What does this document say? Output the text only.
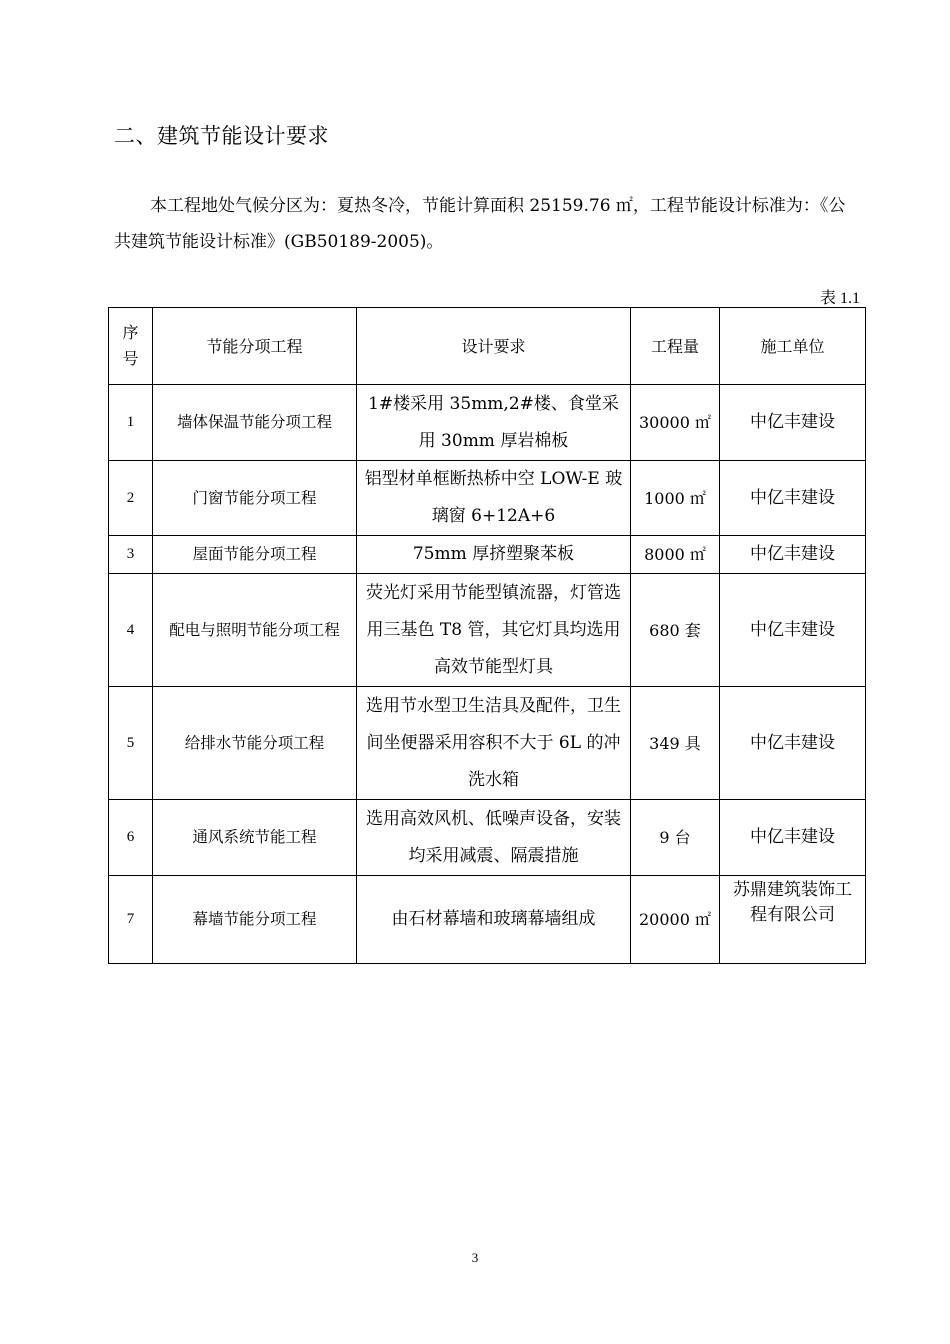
二、建筑节能设计要求
本工程地处气候分区为：夏热冬冷，节能计算面积 25159.76 ㎡，工程节能设计标准为：《公共建筑节能设计标准》(GB50189-2005)。
表 1.1
序号	节能分项工程	设计要求	工程量	施工单位
1	墙体保温节能分项工程	1#楼采用 35mm,2#楼、食堂采用 30mm 厚岩棉板	30000 ㎡	中亿丰建设
2	门窗节能分项工程	铝型材单框断热桥中空 LOW-E 玻璃窗 6+12A+6	1000 ㎡	中亿丰建设
3	屋面节能分项工程	75mm 厚挤塑聚苯板	8000 ㎡	中亿丰建设
4	配电与照明节能分项工程	荧光灯采用节能型镇流器，灯管选用三基色 T8 管，其它灯具均选用高效节能型灯具	680 套	中亿丰建设
5	给排水节能分项工程	选用节水型卫生洁具及配件，卫生间坐便器采用容积不大于 6L 的冲洗水箱	349 具	中亿丰建设
6	通风系统节能工程	选用高效风机、低噪声设备，安装均采用减震、隔震措施	9 台	中亿丰建设
7	幕墙节能分项工程	由石材幕墙和玻璃幕墙组成	20000 ㎡	苏鼎建筑装饰工程有限公司
3
